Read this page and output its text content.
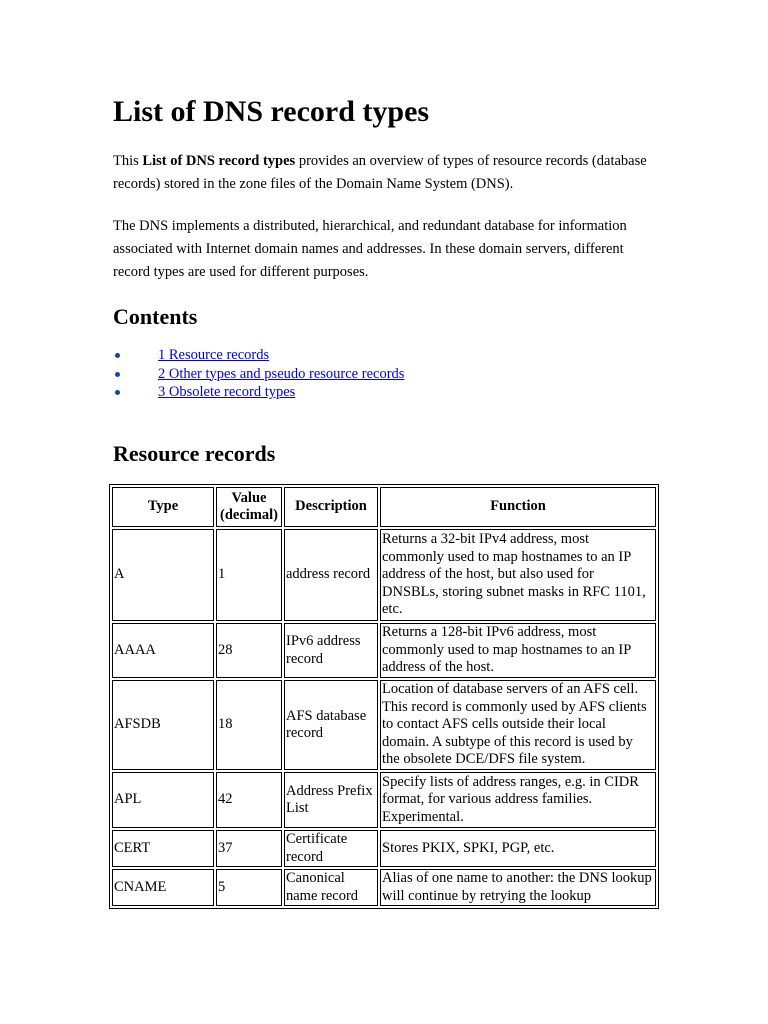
List of DNS record types

This List of DNS record types provides an overview of types of resource records (database records) stored in the zone files of the Domain Name System (DNS).

The DNS implements a distributed, hierarchical, and redundant database for information associated with Internet domain names and addresses. In these domain servers, different record types are used for different purposes.

Contents
1 Resource records
2 Other types and pseudo resource records
3 Obsolete record types
Resource records
Type	Value (decimal)	Description	Function
A	1	address record	Returns a 32-bit IPv4 address, most commonly used to map hostnames to an IP address of the host, but also used for DNSBLs, storing subnet masks in RFC 1101, etc.
AAAA	28	IPv6 address record	Returns a 128-bit IPv6 address, most commonly used to map hostnames to an IP address of the host.
AFSDB	18	AFS database record	Location of database servers of an AFS cell. This record is commonly used by AFS clients to contact AFS cells outside their local domain. A subtype of this record is used by the obsolete DCE/DFS file system.
APL	42	Address Prefix List	Specify lists of address ranges, e.g. in CIDR format, for various address families. Experimental.
CERT	37	Certificate record	Stores PKIX, SPKI, PGP, etc.
CNAME	5	Canonical name record	Alias of one name to another: the DNS lookup will continue by retrying the lookup
